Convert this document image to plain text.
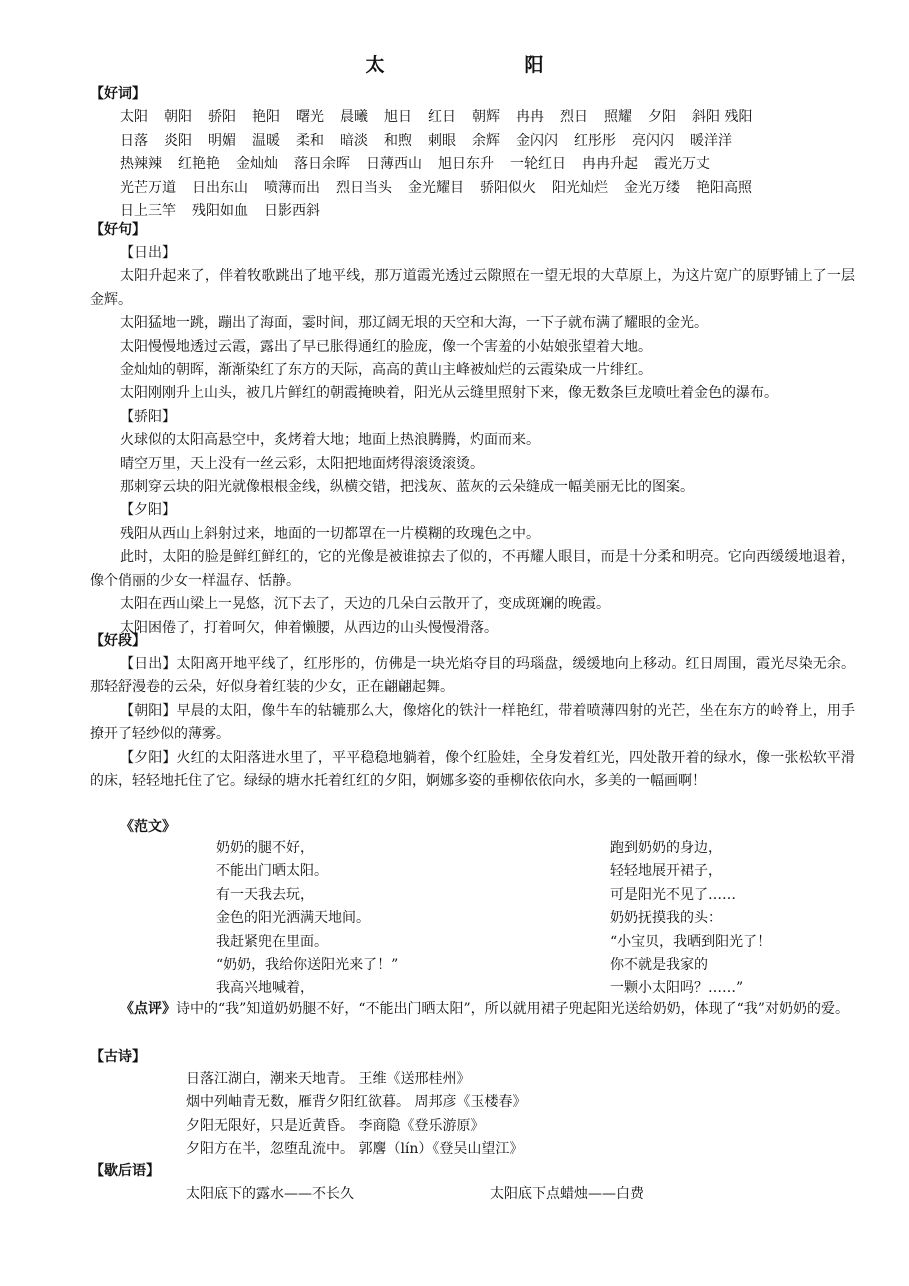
太	阳
【好词】
太阳 朝阳 骄阳 艳阳 曙光 晨曦 旭日 红日 朝辉 冉冉 烈日 照耀 夕阳 斜阳 残阳
日落 炎阳 明媚 温暖 柔和 暗淡 和煦 刺眼 余辉 金闪闪 红彤彤 亮闪闪 暖洋洋
热辣辣 红艳艳 金灿灿 落日余晖 日薄西山 旭日东升 一轮红日 冉冉升起 霞光万丈
光芒万道 日出东山 喷薄而出 烈日当头 金光耀目 骄阳似火 阳光灿烂 金光万缕 艳阳高照
日上三竿 残阳如血 日影西斜
【好句】
【日出】
太阳升起来了，伴着牧歌跳出了地平线，那万道霞光透过云隙照在一望无垠的大草原上，为这片宽广的原野铺上了一层金辉。
太阳猛地一跳，蹦出了海面，霎时间，那辽阔无垠的天空和大海，一下子就布满了耀眼的金光。
太阳慢慢地透过云霞，露出了早已胀得通红的脸庞，像一个害羞的小姑娘张望着大地。
金灿灿的朝晖，渐渐染红了东方的天际，高高的黄山主峰被灿烂的云霞染成一片绯红。
太阳刚刚升上山头，被几片鲜红的朝霞掩映着，阳光从云缝里照射下来，像无数条巨龙喷吐着金色的瀑布。
【骄阳】
火球似的太阳高悬空中，炙烤着大地；地面上热浪腾腾，灼面而来。
晴空万里，天上没有一丝云彩，太阳把地面烤得滚烫滚烫。
那刺穿云块的阳光就像根根金线，纵横交错，把浅灰、蓝灰的云朵缝成一幅美丽无比的图案。
【夕阳】
残阳从西山上斜射过来，地面的一切都罩在一片模糊的玫瑰色之中。
此时，太阳的脸是鲜红鲜红的，它的光像是被谁掠去了似的，不再耀人眼目，而是十分柔和明亮。它向西缓缓地退着，像个俏丽的少女一样温存、恬静。
太阳在西山梁上一晃悠，沉下去了，天边的几朵白云散开了，变成斑斓的晚霞。
太阳困倦了，打着呵欠，伸着懒腰，从西边的山头慢慢滑落。
【好段】
【日出】太阳离开地平线了，红彤彤的，仿佛是一块光焰夺目的玛瑙盘，缓缓地向上移动。红日周围，霞光尽染无余。那轻舒漫卷的云朵，好似身着红装的少女，正在翩翩起舞。
【朝阳】早晨的太阳，像牛车的轱辘那么大，像熔化的铁汁一样艳红，带着喷薄四射的光芒，坐在东方的岭脊上，用手撩开了轻纱似的薄雾。
【夕阳】火红的太阳落进水里了，平平稳稳地躺着，像个红脸娃，全身发着红光，四处散开着的绿水，像一张松软平滑的床，轻轻地托住了它。绿绿的塘水托着红红的夕阳，婀娜多姿的垂柳依依向水，多美的一幅画啊！
《范文》
奶奶的腿不好，
不能出门晒太阳。
有一天我去玩，
金色的阳光洒满天地间。
我赶紧兜在里面。
“奶奶，我给你送阳光来了！”
我高兴地喊着，
跑到奶奶的身边，
轻轻地展开裙子，
可是阳光不见了……
奶奶抚摸我的头：
“小宝贝，我晒到阳光了！
你不就是我家的
一颗小太阳吗？……”
《点评》诗中的“我”知道奶奶腿不好，“不能出门晒太阳”，所以就用裙子兜起阳光送给奶奶，体现了“我”对奶奶的爱。
【古诗】
日落江湖白，潮来天地青。 王维《送邢桂州》
烟中列岫青无数，雁背夕阳红欲暮。 周邦彦《玉楼春》
夕阳无限好，只是近黄昏。 李商隐《登乐游原》
夕阳方在半，忽堕乱流中。 郭麐（lín）《登吴山望江》
【歇后语】
太阳底下的露水——不长久	太阳底下点蜡烛——白费
